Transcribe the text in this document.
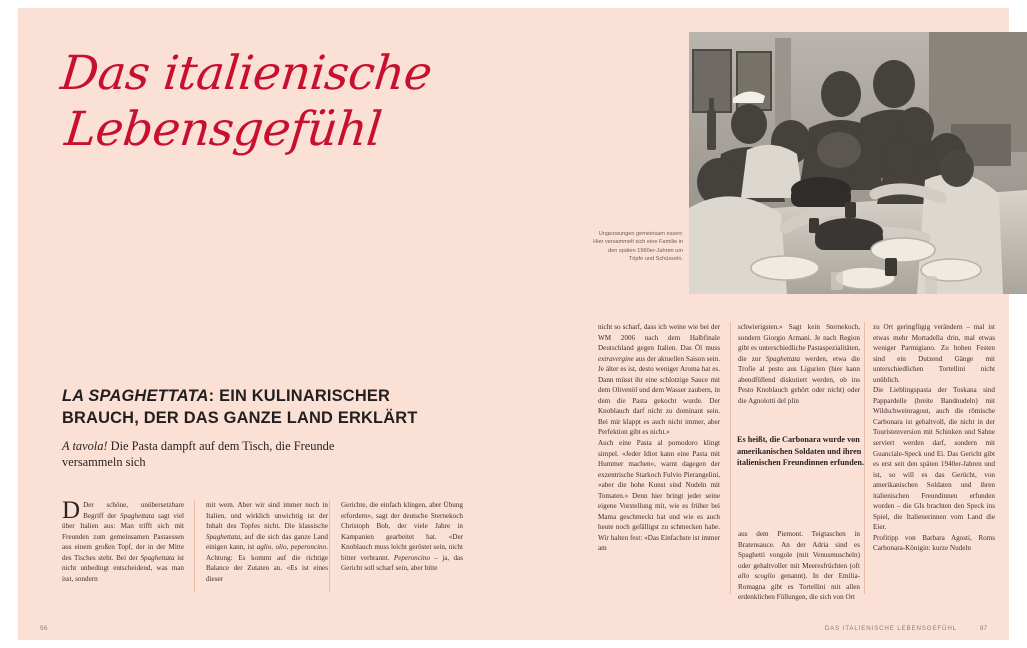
Das italienische
Lebensgefühl
LA SPAGHETTATA: EIN KULINARISCHER BRAUCH, DER DAS GANZE LAND ERKLÄRT
A tavola! Die Pasta dampft auf dem Tisch, die Freunde versammeln sich

D Der schöne, unübersetzbare Begriff der Spaghettata sagt viel über Italien aus: Man trifft sich mit Freunden zum gemeinsamen Pastaessen aus einem großen Topf, der in der Mitte des Tisches steht. Bei der Spaghettata ist nicht unbedingt entscheidend, was man isst, sondern

mit wem. Aber wir sind immer noch in Italien, und wirklich unwichtig ist der Inhalt des Topfes nicht. Die klassische Spaghettata, auf die sich das ganze Land einigen kann, ist aglio, olio, peperoncino. Achtung: Es kommt auf die richtige Balance der Zutaten an. «Es ist eines dieser

Gerichte, die einfach klingen, aber Übung erfordern», sagt der deutsche Sternekoch Christoph Bob, der viele Jahre in Kampanien gearbeitet hat. «Der Knoblauch muss leicht geröstet sein, nicht bitter verbrannt. Peperoncino – ja, das Gericht soll scharf sein, aber bitte

96
Ungezwungen gemeinsam essen: Hier versammelt sich eine Familie in den späten 1960er-Jahren um Töpfe und Schüsseln.

nicht so scharf, dass ich weine wie bei der WM 2006 nach dem Halbfinale Deutschland gegen Italien. Das Öl muss extravergine aus der aktuellen Saison sein. Je älter es ist, desto weniger Aroma hat es. Dann müsst ihr eine schlotzige Sauce mit dem Olivenöl und dem Wasser zaubern, in dem die Pasta gekocht wurde. Der Knoblauch darf nicht zu dominant sein. Bei mir klappt es auch nicht immer, aber Perfektion gibt es nicht.»

Auch eine Pasta al pomodoro klingt simpel. «Jeder Idiot kann eine Pasta mit Hummer machen», warnt dagegen der exzentrische Starkoch Fulvio Pierangelini, «aber die hohe Kunst sind Nudeln mit Tomaten.» Denn hier bringt jeder seine eigene Vorstellung mit, wie es früher bei Mama geschmeckt hat und wie es auch heute noch gefälligst zu schmecken habe. Wir halten fest: «Das Einfachste ist immer am

schwierigsten.» Sagt kein Sternekoch, sondern Giorgio Armani. Je nach Region gibt es unterschiedliche Pastaspezialitäten, die zur Spaghettata werden, etwa die Trofie al pesto aus Ligurien (hier kann abendfüllend diskutiert werden, ob ins Pesto Knoblauch gehört oder nicht) oder die Agnolotti del plin

Es heißt, die Carbonara wurde von amerikanischen Soldaten und ihren italienischen Freundinnen erfunden.

aus dem Piemont. Teigtaschen in Bratensauce. An der Adria sind es Spaghetti vongole (mit Venusmuscheln) oder gehaltvoller mit Meeresfrüchten (oft allo scoglio genannt). In der Emilia-Romagna gibt es Tortellini mit allen erdenklichen Füllungen, die sich von Ort

zu Ort geringfügig verändern – mal ist etwas mehr Mortadella drin, mal etwas weniger Parmigiano. Zu hohen Festen sind ein Dutzend Gänge mit unterschiedlichen Tortellini nicht unüblich.

Die Lieblingspasta der Toskana sind Pappardelle (breite Bandnudeln) mit Wildschweinragout, auch die römische Carbonara ist gehaltvoll, die nicht in der Touristenversion mit Schinken und Sahne serviert werden darf, sondern mit Guanciale-Speck und Ei. Das Gericht gibt es erst seit den späten 1940er-Jahren und ist, so will es das Gerücht, von amerikanischen Soldaten und ihren italienischen Freundinnen erfunden worden – die GIs brachten den Speck ins Spiel, die Italienerinnen vom Land die Eier.

Profitipp von Barbara Agosti, Roms Carbonara-Königin: kurze Nudeln

DAS ITALIENISCHE LEBENSGEFÜHL	97
